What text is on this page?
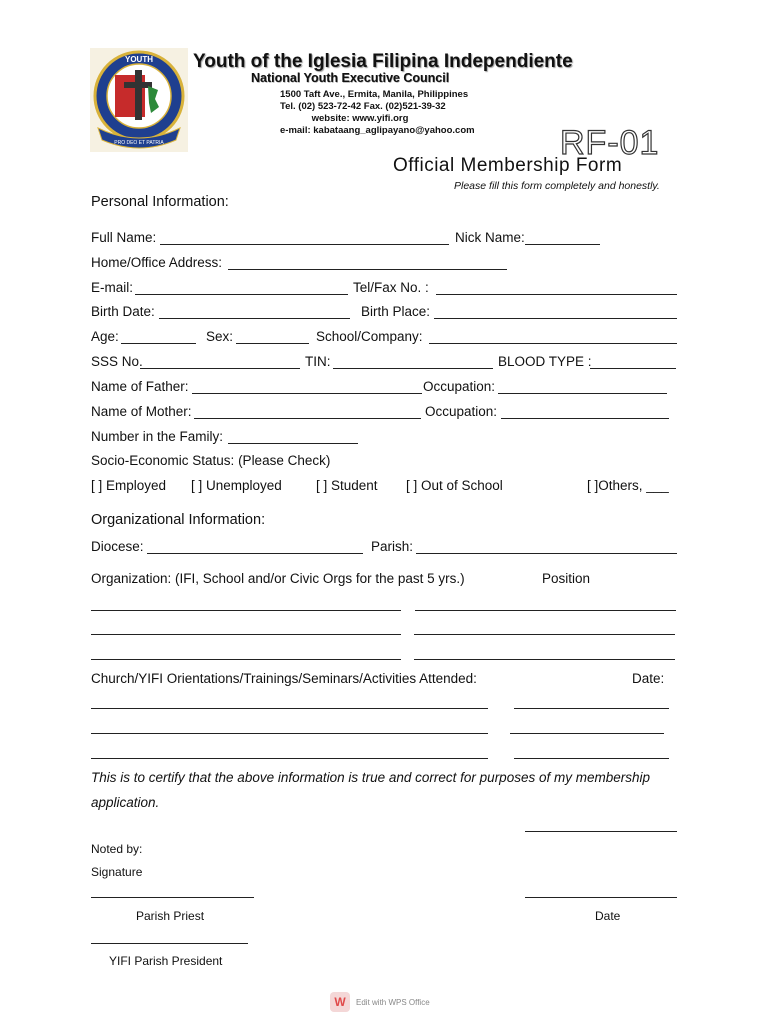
YOUTH
PRO DEO ET PATRIA
Youth of the Iglesia Filipina Independiente
National Youth Executive Council
1500 Taft Ave., Ermita, Manila, Philippines
Tel. (02) 523-72-42 Fax. (02)521-39-32
website: www.yifi.org
e-mail: kabataang_aglipayano@yahoo.com	RF-01
Official Membership Form
Please fill this form completely and honestly.
Personal Information:
Full Name:	Nick Name:
Home/Office Address:
E-mail:	Tel/Fax No. :
Birth Date:	Birth Place:
Age:	Sex:	School/Company:
SSS No.	TIN:	BLOOD TYPE :
Name of Father:	Occupation:
Name of Mother:	Occupation:
Number in the Family:
Socio-Economic Status: (Please Check)
[ ] Employed [ ] Unemployed	[ ] Student [ ] Out of School	[ ]Others, ___
Organizational Information:
Diocese:	Parish:
Organization: (IFI, School and/or Civic Orgs for the past 5 yrs.)	Position
Church/YIFI Orientations/Trainings/Seminars/Activities Attended:	Date:
This is to certify that the above information is true and correct for purposes of my membership
application.
Noted by:
Signature
Parish Priest	Date
YIFI Parish President
W	Edit with WPS Office
